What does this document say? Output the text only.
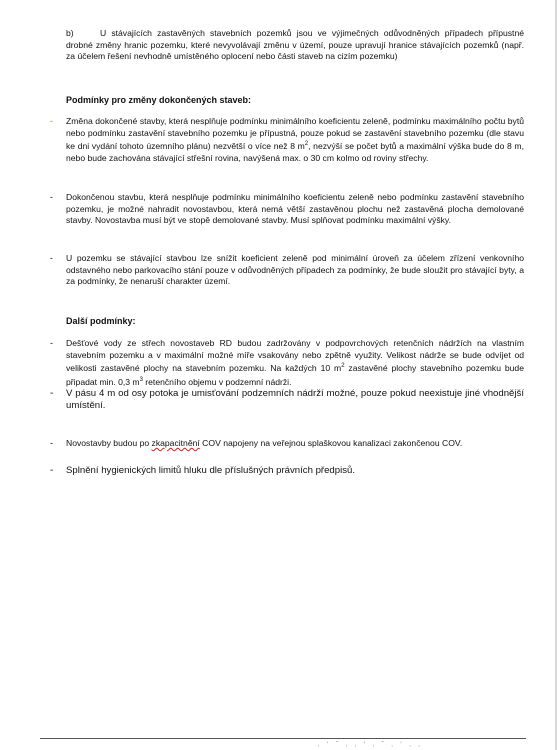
b)	U stávajících zastavěných stavebních pozemků jsou ve výjimečných odůvodněných případech přípustné drobné změny hranic pozemku, které nevyvolávají změnu v území, pouze upravují hranice stávajících pozemků (např. za účelem řešení nevhodně umístěného oplocení nebo části staveb na cizím pozemku)
Podmínky pro změny dokončených staveb:
- Změna dokončené stavby, která nesplňuje podmínku minimálního koeficientu zeleně, podmínku maximálního počtu bytů nebo podmínku zastavění stavebního pozemku je přípustná, pouze pokud se zastavění stavebního pozemku (dle stavu ke dni vydání tohoto územního plánu) nezvětší o více než 8 $m^2$, nezvýší se počet bytů a maximální výška bude do 8 m, nebo bude zachována stávající střešní rovina, navýšená max. o 30 cm kolmo od roviny střechy.
- Dokončenou stavbu, která nesplňuje podmínku minimálního koeficientu zeleně nebo podmínku zastavění stavebního pozemku, je možné nahradit novostavbou, která nemá větší zastavěnou plochu než zastavěná plocha demolované stavby. Novostavba musí být ve stopě demolované stavby. Musí splňovat podmínku maximální výšky.
- U pozemku se stávající stavbou lze snížit koeficient zeleně pod minimální úroveň za účelem zřízení venkovního odstavného nebo parkovacího stání pouze v odůvodněných případech za podmínky, že bude sloužit pro stávající byty, a za podmínky, že nenaruší charakter území.
Další podmínky:
- Dešťové vody ze střech novostaveb RD budou zadržovány v podpovrchových retenčních nádržích na vlastním stavebním pozemku a v maximální možné míře vsakovány nebo zpětně využity. Velikost nádrže se bude odvíjet od velikosti zastavěné plochy na stavebním pozemku. Na každých 10 $m^2$ zastavěné plochy stavebního pozemku bude připadat min. 0,3 $m^3$ retenčního objemu v podzemní nádrži.
- V pásu 4 m od osy potoka je umisťování podzemních nádrží možné, pouze pokud neexistuje jiné vhodnější umístění.
- Novostavby budou po zkapacitnění COV napojeny na veřejnou splaškovou kanalizaci zakončenou COV.
- Splnění hygienických limitů hluku dle příslušných právních předpisů.
‚ ‘ ˇ ‚ ‚ ‘ ‚ ˇ ‚ ‘ ‚ ‚
